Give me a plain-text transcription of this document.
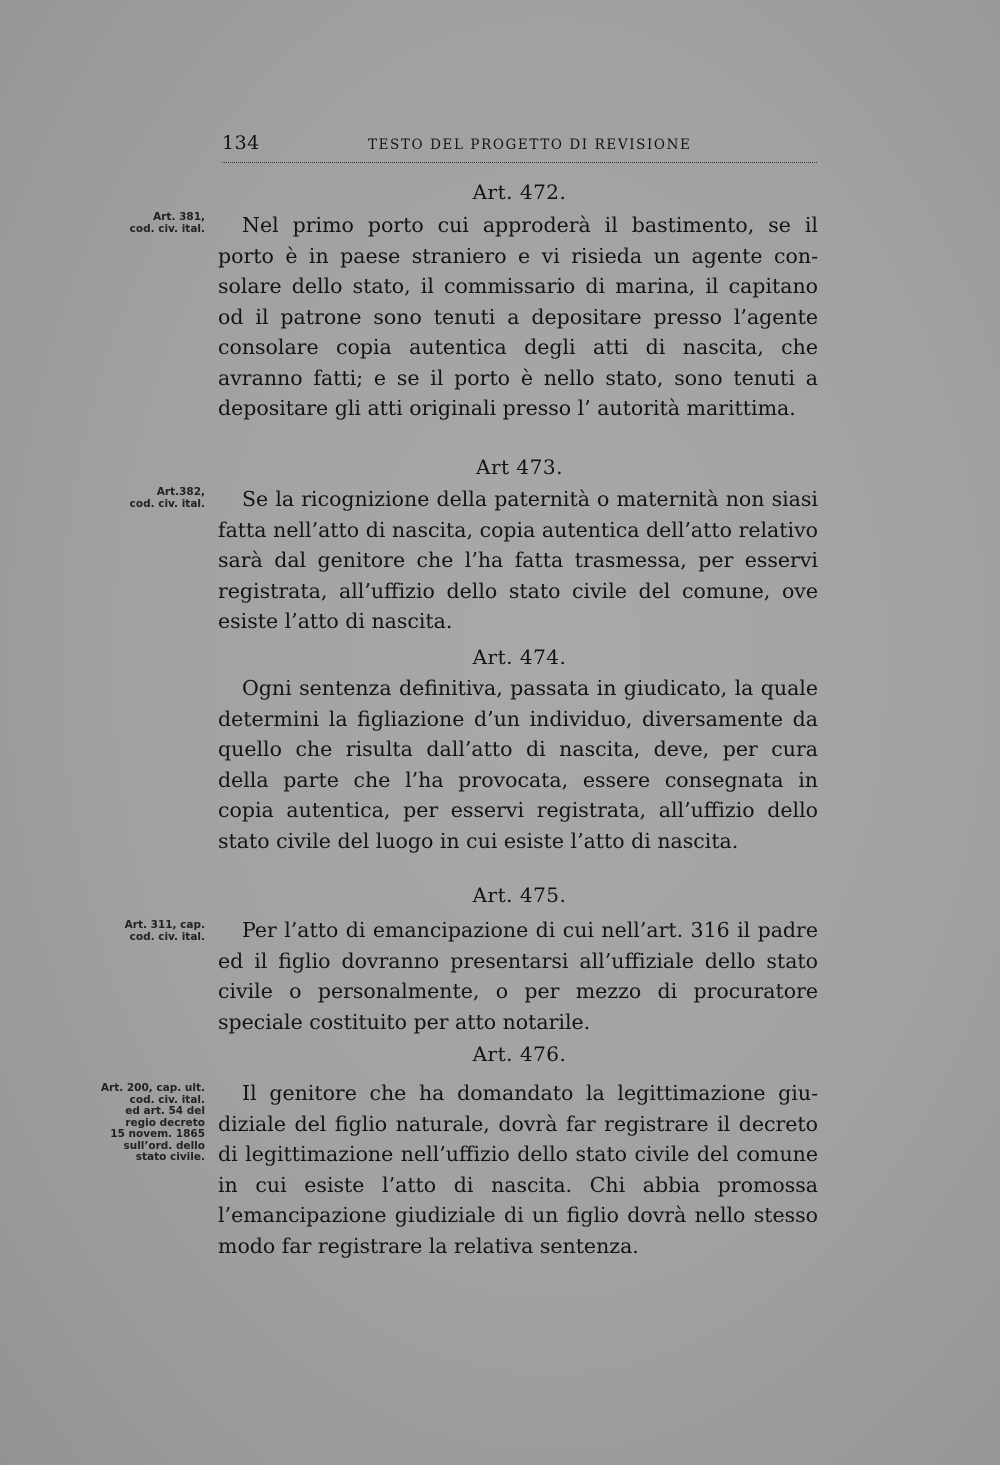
134	TESTO DEL PROGETTO DI REVISIONE
Art. 472.
Art. 381,
cod. civ. ital.	Nel primo porto cui approderà il bastimento, se il porto è in paese straniero e vi risieda un agente consolare dello stato, il commissario di marina, il capitano od il patrone sono tenuti a depositare presso l’agente consolare copia autentica degli atti di nascita, che avranno fatti; e se il porto è nello stato, sono tenuti a depositare gli atti originali presso l’ autorità marittima.

Art 473.
Art.382,
cod. civ. ital.	Se la ricognizione della paternità o maternità non siasi fatta nell’atto di nascita, copia autentica dell’atto relativo sarà dal genitore che l’ha fatta trasmessa, per esservi registrata, all’uffizio dello stato civile del comune, ove esiste l’atto di nascita.

Art. 474.

Ogni sentenza definitiva, passata in giudicato, la quale determini la figliazione d’un individuo, diversamente da quello che risulta dall’atto di nascita, deve, per cura della parte che l’ha provocata, essere consegnata in copia autentica, per esservi registrata, all’uffizio dello stato civile del luogo in cui esiste l’atto di nascita.

Art. 475.
Art. 311, cap.
cod. civ. ital.	Per l’atto di emancipazione di cui nell’art. 316 il padre ed il figlio dovranno presentarsi all’uffiziale dello stato civile o personalmente, o per mezzo di procuratore speciale costituito per atto notarile.

Art. 476.
Art. 200, cap. ult.
cod. civ. ital.
ed art. 54 del
regio decreto
15 novem. 1865
sull’ord. dello
stato civile.

Il genitore che ha domandato la legittimazione giudiziale del figlio naturale, dovrà far registrare il decreto di legittimazione nell’uffizio dello stato civile del comune in cui esiste l’atto di nascita. Chi abbia promossa l’emancipazione giudiziale di un figlio dovrà nello stesso modo far registrare la relativa sentenza.
